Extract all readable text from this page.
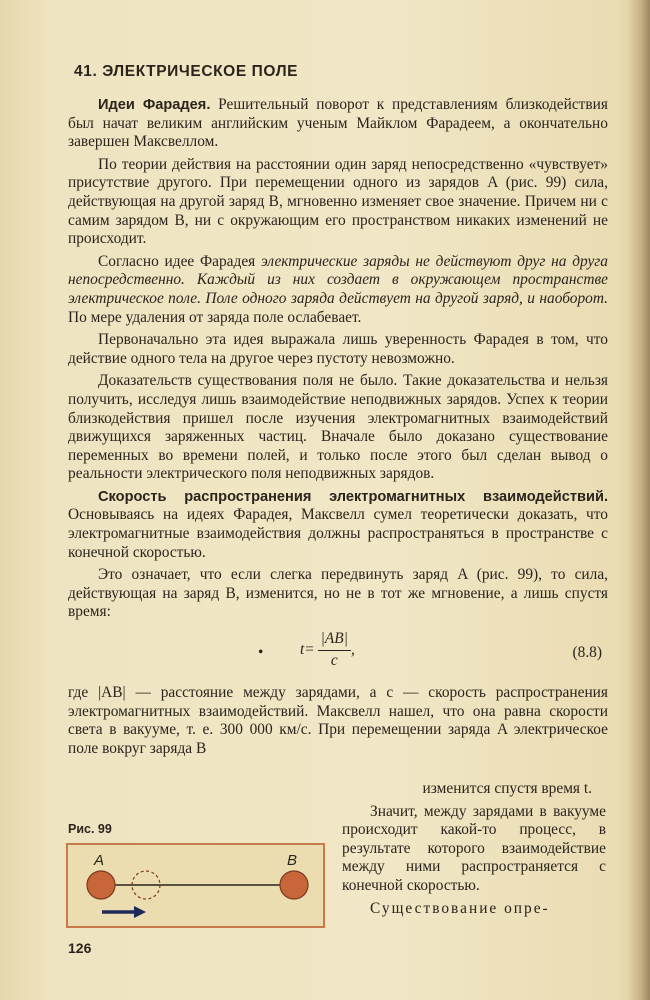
41. ЭЛЕКТРИЧЕСКОЕ ПОЛЕ

Идеи Фарадея. Решительный поворот к представлениям близкодействия был начат великим английским ученым Майклом Фарадеем, а окончательно завершен Максвеллом.

По теории действия на расстоянии один заряд непосредственно «чувствует» присутствие другого. При перемещении одного из зарядов A (рис. 99) сила, действующая на другой заряд B, мгновенно изменяет свое значение. Причем ни с самим зарядом B, ни с окружающим его пространством никаких изменений не происходит.

Согласно идее Фарадея электрические заряды не действуют друг на друга непосредственно. Каждый из них создает в окружающем пространстве электрическое поле. Поле одного заряда действует на другой заряд, и наоборот. По мере удаления от заряда поле ослабевает.

Первоначально эта идея выражала лишь уверенность Фарадея в том, что действие одного тела на другое через пустоту невозможно.

Доказательств существования поля не было. Такие доказательства и нельзя получить, исследуя лишь взаимодействие неподвижных зарядов. Успех к теории близкодействия пришел после изучения электромагнитных взаимодействий движущихся заряженных частиц. Вначале было доказано существование переменных во времени полей, и только после этого был сделан вывод о реальности электрического поля неподвижных зарядов.

Скорость распространения электромагнитных взаимодействий. Основываясь на идеях Фарадея, Максвелл сумел теоретически доказать, что электромагнитные взаимодействия должны распространяться в пространстве с конечной скоростью.

Это означает, что если слегка передвинуть заряд A (рис. 99), то сила, действующая на заряд B, изменится, но не в тот же мгновение, а лишь спустя время:

• $t= \frac{|AB|}{c}$ ,	(8.8)

где |AB| — расстояние между зарядами, а c — скорость распространения электромагнитных взаимодействий. Максвелл нашел, что она равна скорости света в вакууме, т. е. 300 000 км/с. При перемещении заряда A электрическое поле вокруг заряда B

изменится спустя время t.

Значит, между зарядами в вакууме происходит какой-то процесс, в результате которого взаимодействие между ними распространяется с конечной скоростью.

Существование опре-

Рис. 99
A	B
126
